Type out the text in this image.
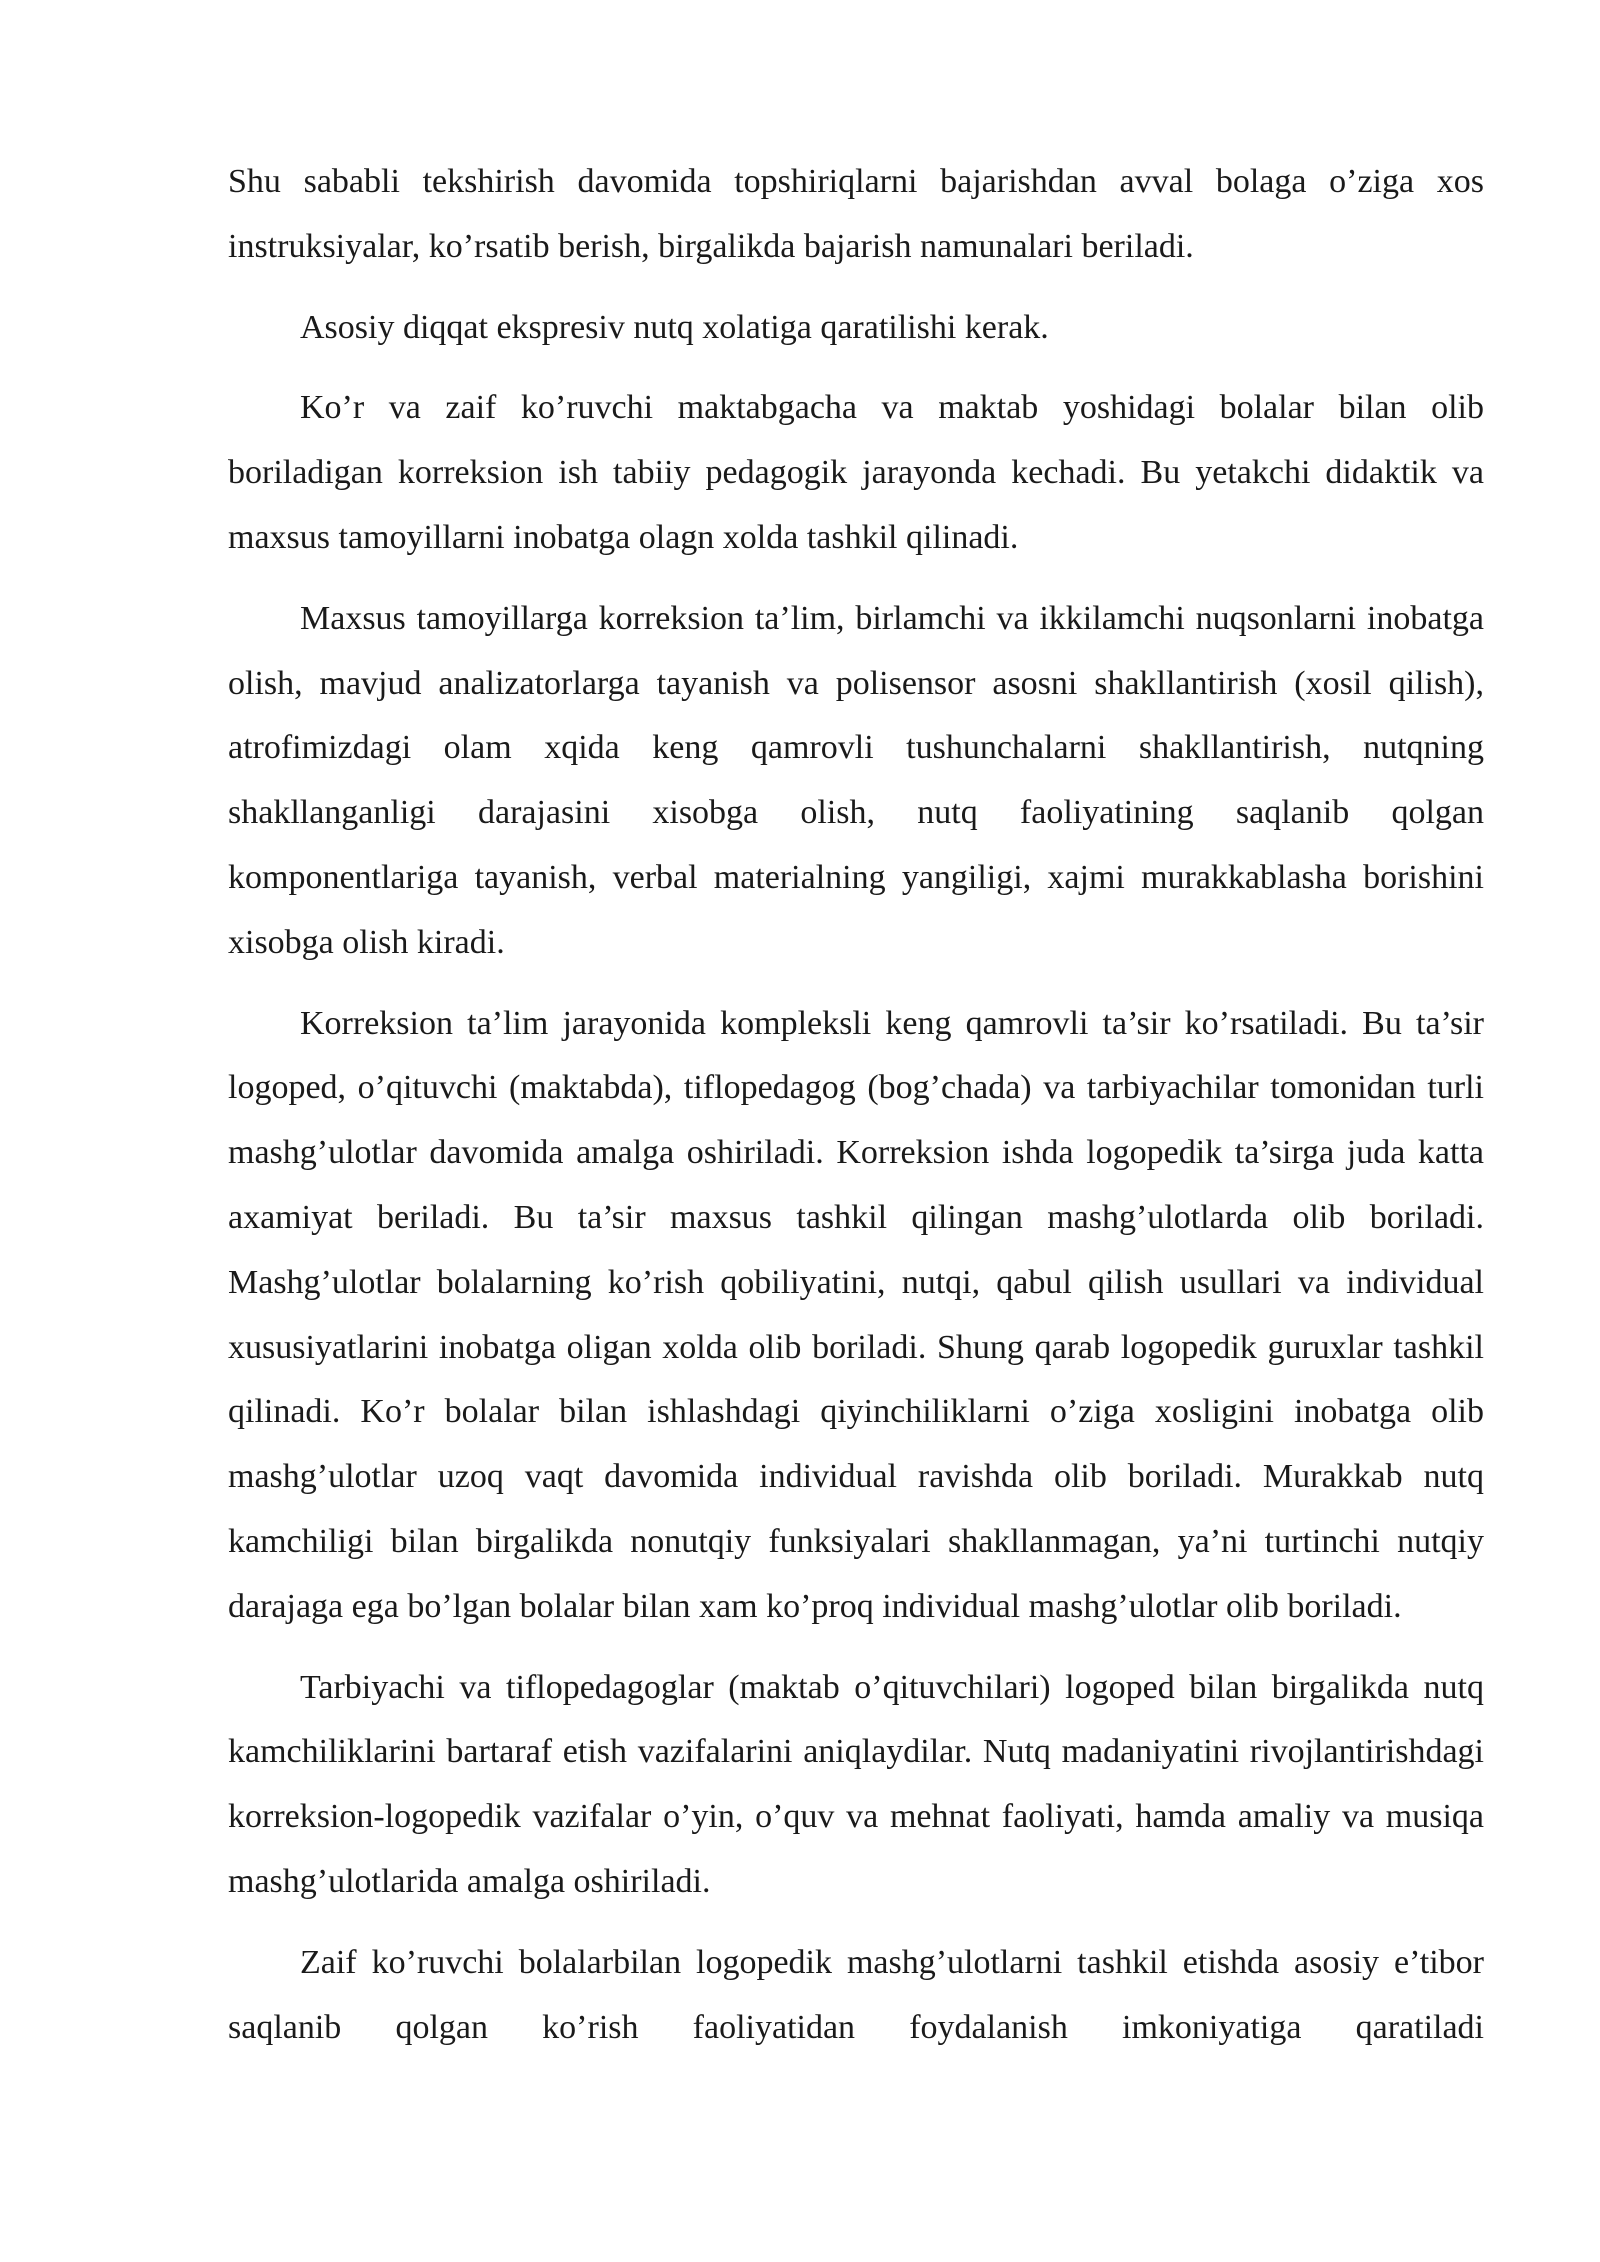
Shu sababli tekshirish davomida topshiriqlarni bajarishdan avval bolaga o’ziga xos instruksiyalar, ko’rsatib berish, birgalikda bajarish namunalari beriladi.

Asosiy diqqat ekspresiv nutq xolatiga qaratilishi kerak.

Ko’r va zaif ko’ruvchi maktabgacha va maktab yoshidagi bolalar bilan olib boriladigan korreksion ish tabiiy pedagogik jarayonda kechadi. Bu yetakchi didaktik va maxsus tamoyillarni inobatga olagn xolda tashkil qilinadi.

Maxsus tamoyillarga korreksion ta’lim, birlamchi va ikkilamchi nuqsonlarni inobatga olish, mavjud analizatorlarga tayanish va polisensor asosni shakllantirish (xosil qilish), atrofimizdagi olam xqida keng qamrovli tushunchalarni shakllantirish, nutqning shakllanganligi darajasini xisobga olish, nutq faoliyatining saqlanib qolgan komponentlariga tayanish, verbal materialning yangiligi, xajmi murakkablasha borishini xisobga olish kiradi.

Korreksion ta’lim jarayonida kompleksli keng qamrovli ta’sir ko’rsatiladi. Bu ta’sir logoped, o’qituvchi (maktabda), tiflopedagog (bog’chada) va tarbiyachilar tomonidan turli mashg’ulotlar davomida amalga oshiriladi. Korreksion ishda logopedik ta’sirga juda katta axamiyat beriladi. Bu ta’sir maxsus tashkil qilingan mashg’ulotlarda olib boriladi. Mashg’ulotlar bolalarning ko’rish qobiliyatini, nutqi, qabul qilish usullari va individual xususiyatlarini inobatga oligan xolda olib boriladi. Shung qarab logopedik guruxlar tashkil qilinadi. Ko’r bolalar bilan ishlashdagi qiyinchiliklarni o’ziga xosligini inobatga olib mashg’ulotlar uzoq vaqt davomida individual ravishda olib boriladi. Murakkab nutq kamchiligi bilan birgalikda nonutqiy funksiyalari shakllanmagan, ya’ni turtinchi nutqiy darajaga ega bo’lgan bolalar bilan xam ko’proq individual mashg’ulotlar olib boriladi.

Tarbiyachi va tiflopedagoglar (maktab o’qituvchilari) logoped bilan birgalikda nutq kamchiliklarini bartaraf etish vazifalarini aniqlaydilar. Nutq madaniyatini rivojlantirishdagi korreksion-logopedik vazifalar o’yin, o’quv va mehnat faoliyati, hamda amaliy va musiqa mashg’ulotlarida amalga oshiriladi.

Zaif ko’ruvchi bolalarbilan logopedik mashg’ulotlarni tashkil etishda asosiy e’tibor saqlanib qolgan ko’rish faoliyatidan foydalanish imkoniyatiga qaratiladi
